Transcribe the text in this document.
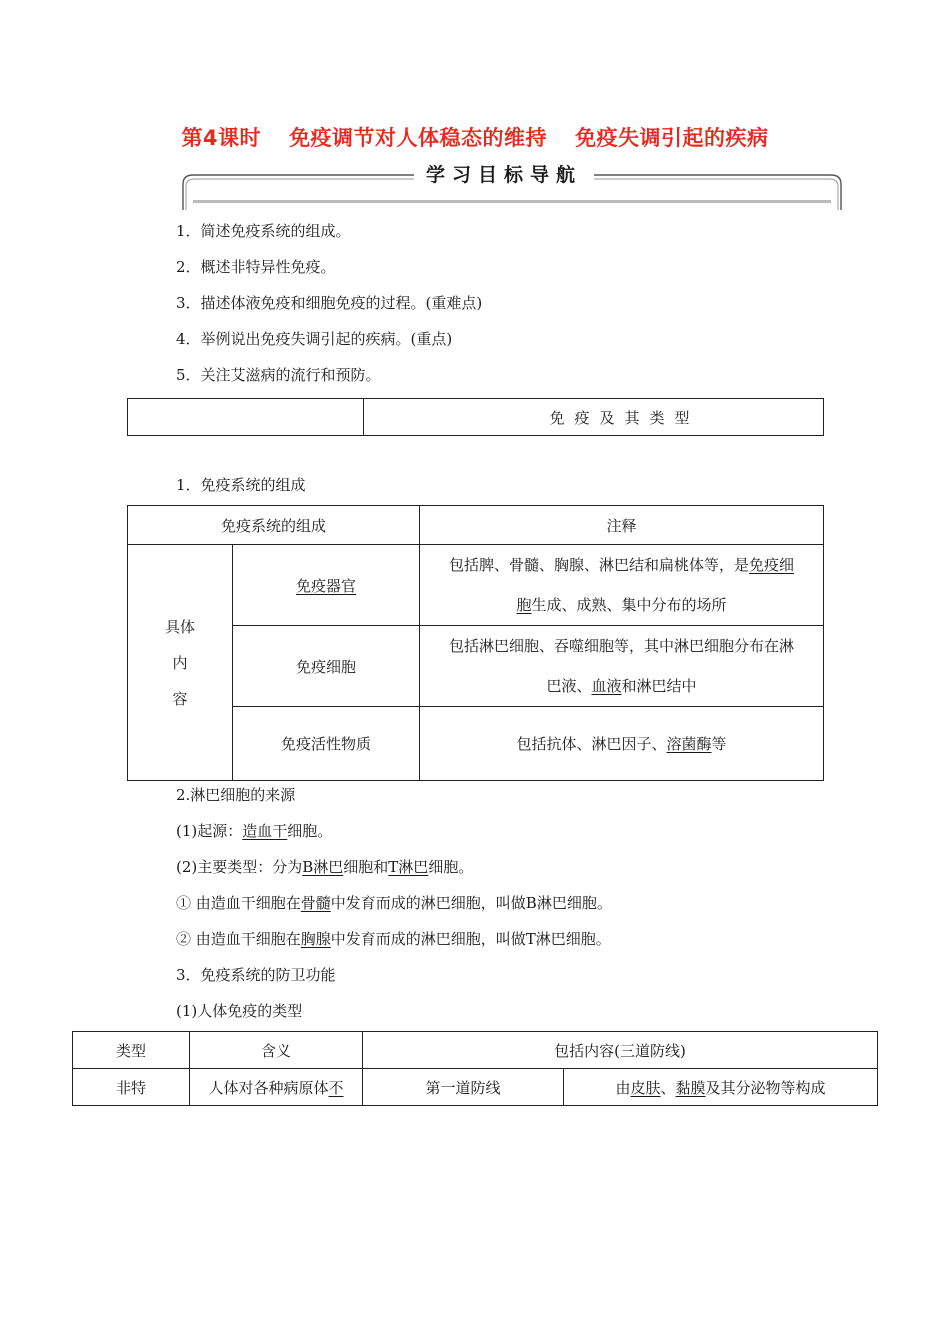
第4课时 免疫调节对人体稳态的维持 免疫失调引起的疾病
学习目标导航
1．简述免疫系统的组成。
2．概述非特异性免疫。
3．描述体液免疫和细胞免疫的过程。(重难点)
4．举例说出免疫失调引起的疾病。(重点)
5．关注艾滋病的流行和预防。
	免疫及其类型
1．免疫系统的组成
免疫系统的组成		注释
具体
内
容	免疫器官	包括脾、骨髓、胸腺、淋巴结和扁桃体等，是免疫细
胞生成、成熟、集中分布的场所
	免疫细胞	包括淋巴细胞、吞噬细胞等，其中淋巴细胞分布在淋
巴液、血液和淋巴结中
	免疫活性物质	包括抗体、淋巴因子、溶菌酶等
2.淋巴细胞的来源
(1)起源：造血干细胞。
(2)主要类型：分为B淋巴细胞和T淋巴细胞。
① 由造血干细胞在骨髓中发育而成的淋巴细胞，叫做B淋巴细胞。
② 由造血干细胞在胸腺中发育而成的淋巴细胞，叫做T淋巴细胞。
3．免疫系统的防卫功能
(1)人体免疫的类型
类型	含义	包括内容(三道防线)	
非特	人体对各种病原体不	第一道防线	由皮肤、黏膜及其分泌物等构成
